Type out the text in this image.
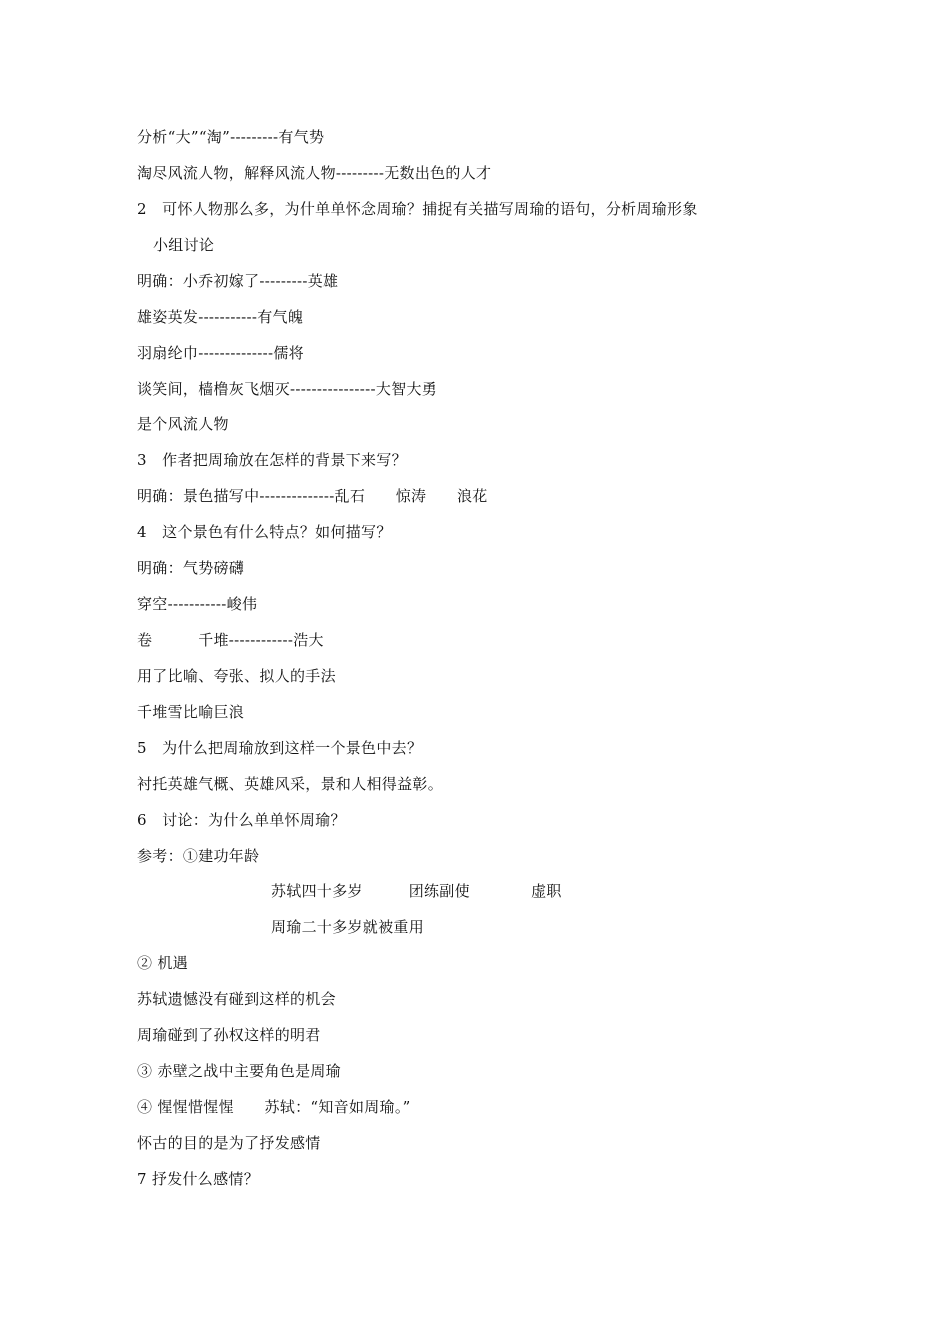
分析“大”“淘”---------有气势
淘尽风流人物，解释风流人物---------无数出色的人才
2　可怀人物那么多，为什单单怀念周瑜？捕捉有关描写周瑜的语句，分析周瑜形象
小组讨论
明确：小乔初嫁了---------英雄
雄姿英发-----------有气魄
羽扇纶巾--------------儒将
谈笑间，樯橹灰飞烟灭----------------大智大勇
是个风流人物
3　作者把周瑜放在怎样的背景下来写？
明确：景色描写中--------------乱石　　惊涛　　浪花
4　这个景色有什么特点？如何描写？
明确：气势磅礴
穿空-----------峻伟
卷　　　千堆------------浩大
用了比喻、夸张、拟人的手法
千堆雪比喻巨浪
5　为什么把周瑜放到这样一个景色中去？
衬托英雄气概、英雄风采，景和人相得益彰。
6　讨论：为什么单单怀周瑜？
参考：①建功年龄
苏轼四十多岁　　　团练副使　　　　虚职
周瑜二十多岁就被重用
② 机遇
苏轼遗憾没有碰到这样的机会
周瑜碰到了孙权这样的明君
③ 赤壁之战中主要角色是周瑜
④ 惺惺惜惺惺　　苏轼：“知音如周瑜。”
怀古的目的是为了抒发感情
7 抒发什么感情？
